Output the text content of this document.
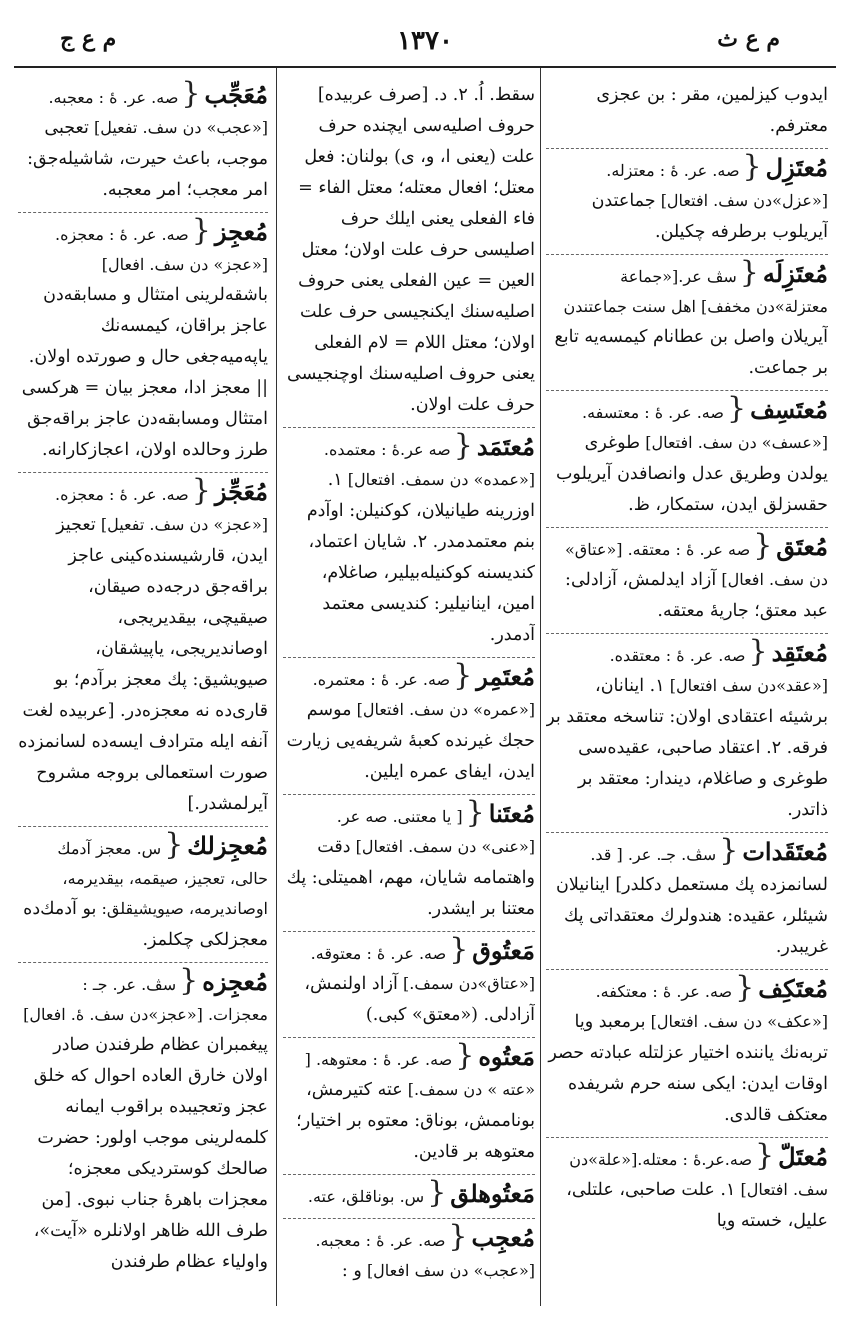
م ع ث
۱۳۷۰
م ع ج
ایدوب کیزلمین، مقر : بن عجزی معترفم.
مُعتَزِل{صه. عر. ۀ : معتزله. [«عزل»دن سف. افتعال] جماعتدن آیریلوب برطرفه چکیلن.
مُعتَزِلَه{سڤ عر.[«جماعة معتزلة»دن مخفف] اهل سنت جماعتندن آیریلان واصل بن عطانام کیمسه‌یه تابع بر جماعت.
مُعتَسِف{صه. عر. ۀ : معتسفه. [«عسف» دن سف. افتعال] طوغری یولدن وطریق عدل وانصافدن آیریلوب حقسزلق ایدن، ستمکار، ظ.
مُعتَق{صه عر. ۀ : معتقه. [«عتاق» دن سف. افعال] آزاد ایدلمش، آزادلی: عبد معتق؛ جاریهٔ معتقه.
مُعتَقِد{صه. عر. ۀ : معتقده. [«عقد»دن سف افتعال] ۱. اینانان، برشیئه اعتقادی اولان: تناسخه معتقد بر فرقه. ۲. اعتقاد صاحبی، عقیده‌سی طوغری و صاغلام، دیندار: معتقد بر ذاتدر.
مُعتَقَدات{سڤ. جـ. عر. [ قد. لسانمزده پك مستعمل دکلدر] اینانیلان شیئلر، عقیده: هندولرك معتقداتی پك غریبدر.
مُعتَکِف{صه. عر. ۀ : معتکفه. [«عکف» دن سف. افتعال] برمعبد ویا تربه‌نك یانندە اختیار عزلتله عبادته حصر اوقات ایدن: ایکی سنه حرم شریفده معتکف قالدی.
مُعتَلّ{صه.عر.ۀ : معتله.[«علة»دن سف. افتعال] ۱. علت صاحبی، علتلی، علیل، خسته ویا
سقط. اُ. ۲. د. [صرف عربیده] حروف اصلیه‌سی ایچنده حرف علت (یعنی ا، و، ی) بولنان: فعل معتل؛ افعال معتله؛ معتل الفاء = فاء الفعلی یعنی ایلك حرف اصلیسی حرف علت اولان؛ معتل العین = عین الفعلی یعنی حروف اصلیه‌سنك ایکنجیسی حرف علت اولان؛ معتل اللام = لام الفعلی یعنی حروف اصلیه‌سنك اوچنجیسی حرف علت اولان.
مُعتَمَد{صه عر.ۀ : معتمده.[«عمده» دن سمف. افتعال] ۱. اوزرینه طیانیلان، کوکنیلن: اوآدم بنم معتمدمدر. ۲. شایان اعتماد، کندیسنه کوکنیله‌بیلیر، صاغلام، امین، اینانیلیر: کندیسی معتمد آدمدر.
مُعتَمِر{صه. عر. ۀ : معتمره. [«عمره» دن سف. افتعال] موسم حجك غیرنده کعبهٔ شریفه‌یی زیارت ایدن، ایفای عمره ایلین.
مُعتَنا{[ یا معتنی. صه عر. [«عنی» دن سمف. افتعال] دقت واهتمامه شایان، مهم، اهمیتلی: پك معتنا بر ایشدر.
مَعتُوق{صه. عر. ۀ : معتوقه. [«عتاق»دن سمف.] آزاد اولنمش، آزادلی. («معتق» کبی.)
مَعتُوه{صه. عر. ۀ : معتوهه. [ «عته » دن سمف.] عته کتیرمش، بوناممش، بوناق: معتوه بر اختیار؛ معتوهه بر قادین.
مَعتُوهلق{س. بوناقلق، عته.
مُعجِب{صه. عر. ۀ : معجبه. [«عجب» دن سف افعال] و :
مُعَجِّب{صه. عر. ۀ : معجبه. [«عجب» دن سف. تفعیل] تعجبی موجب، باعث حیرت، شاشیله‌جق: امر معجب؛ امر معجبه.
مُعجِز{صه. عر. ۀ : معجزه. [«عجز» دن سف. افعال] باشقه‌لرینی امتثال و مسابقه‌دن عاجز براقان، کیمسه‌نك یاپه‌میه‌جغی حال و صورتده اولان. || معجز ادا، معجز بیان = هرکسی امتثال ومسابقه‌دن عاجز براقه‌جق طرز وحالده اولان، اعجازکارانه.
مُعَجِّز{صه. عر. ۀ : معجزه. [«عجز» دن سف. تفعیل] تعجیز ایدن، قارشیسنده‌کینی عاجز براقه‌جق درجه‌ده صیقان، صیقیچی، بیقدیریجی، اوصاندیریجی، یاپیشقان، صیویشیق: پك معجز برآدم؛ بو قاری‌ده نه معجزه‌در. [عربیده لغت آنفه ایله مترادف ایسه‌ده لسانمزده صورت استعمالی بروجه مشروح آیرلمشدر.]
مُعجِزلك{س. معجز آدمك حالی، تعجیز، صیقمه، بیقدیرمه، اوصاندیرمه، صیویشیقلق: بو آدمك‌ده معجزلکی چکلمز.
مُعجِزه{سڤ. عر. جـ : معجزات. [«عجز»دن سف. ۀ. افعال] پیغمبران عظام طرفندن صادر اولان خارق العاده احوال که خلق عجز وتعجیبده براقوب ایمانه کلمه‌لرینی موجب اولور: حضرت صالحك کوستردیکی معجزه؛ معجزات باهرهٔ جناب نبوی. [من طرف الله ظاهر اولانلره «آیت»، واولیاء عظام طرفندن
